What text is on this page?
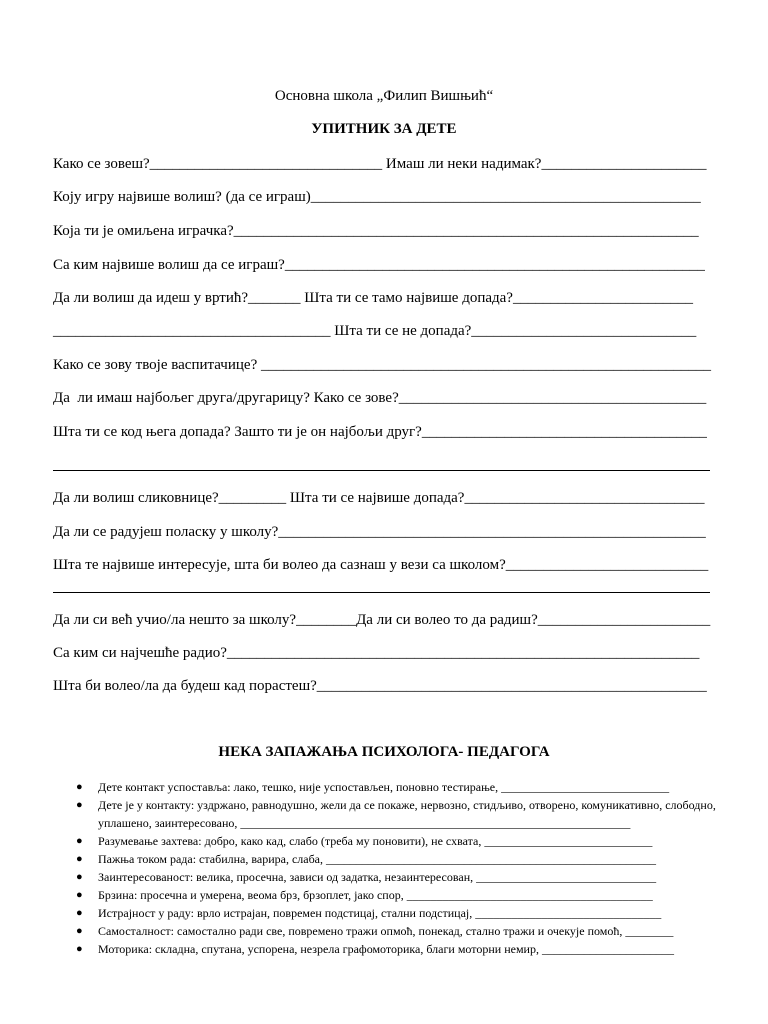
Основна школа „Филип Вишњић“
УПИТНИК ЗА ДЕТЕ
Како се зовеш?_______________________________ Имаш ли неки надимак?______________________
Коју игру највише волиш? (да се играш)____________________________________________________
Која ти је омиљена играчка?______________________________________________________________
Са ким највише волиш да се играш?________________________________________________________
Да ли волиш да идеш у вртић?_______ Шта ти се тамо највише допада?________________________
_____________________________________ Шта ти се не допада?______________________________
Како се зову твоје васпитачице? ____________________________________________________________
Да  ли имаш најбољег друга/другарицу? Како се зове?_________________________________________
Шта ти се код њега допада? Зашто ти је он најбољи друг?______________________________________
Да ли волиш сликовнице?_________ Шта ти се највише допада?________________________________
Да ли се радујеш поласку у школу?_________________________________________________________
Шта те највише интересује, шта би волео да сазнаш у вези са школом?___________________________
Да ли си већ учио/ла нешто за школу?________Да ли си волео то да радиш?_______________________
Са ким си најчешће радио?_______________________________________________________________
Шта би волео/ла да будеш кад порастеш?____________________________________________________
НЕКА ЗАПАЖАЊА ПСИХОЛОГА- ПЕДАГОГА
● Дете контакт успоставља: лако, тешко, није успостављен, поновно тестирање, ____________________________
● Дете је у контакту: уздржано, равнодушно, жели да се покаже, нервозно, стидљиво, отворено, комуникативно, слободно, уплашено, заинтересовано, _________________________________________________________________
● Разумевање захтева: добро, како кад, слабо (треба му поновити), не схвата, ____________________________
● Пажња током рада: стабилна, варира, слаба, _______________________________________________________
● Заинтересованост: велика, просечна, зависи од задатка, незаинтересован, ______________________________
● Брзина: просечна и умерена, веома брз, брзоплет, јако спор, _________________________________________
● Истрајност у раду: врло истрајан, повремен подстицај, стални подстицај, _______________________________
● Самосталност: самостално ради све, повремено тражи опмоћ, понекад, стално тражи и очекује помоћ, ________
● Моторика: складна, спутана, успорена, незрела графомоторика, благи моторни немир, ______________________
